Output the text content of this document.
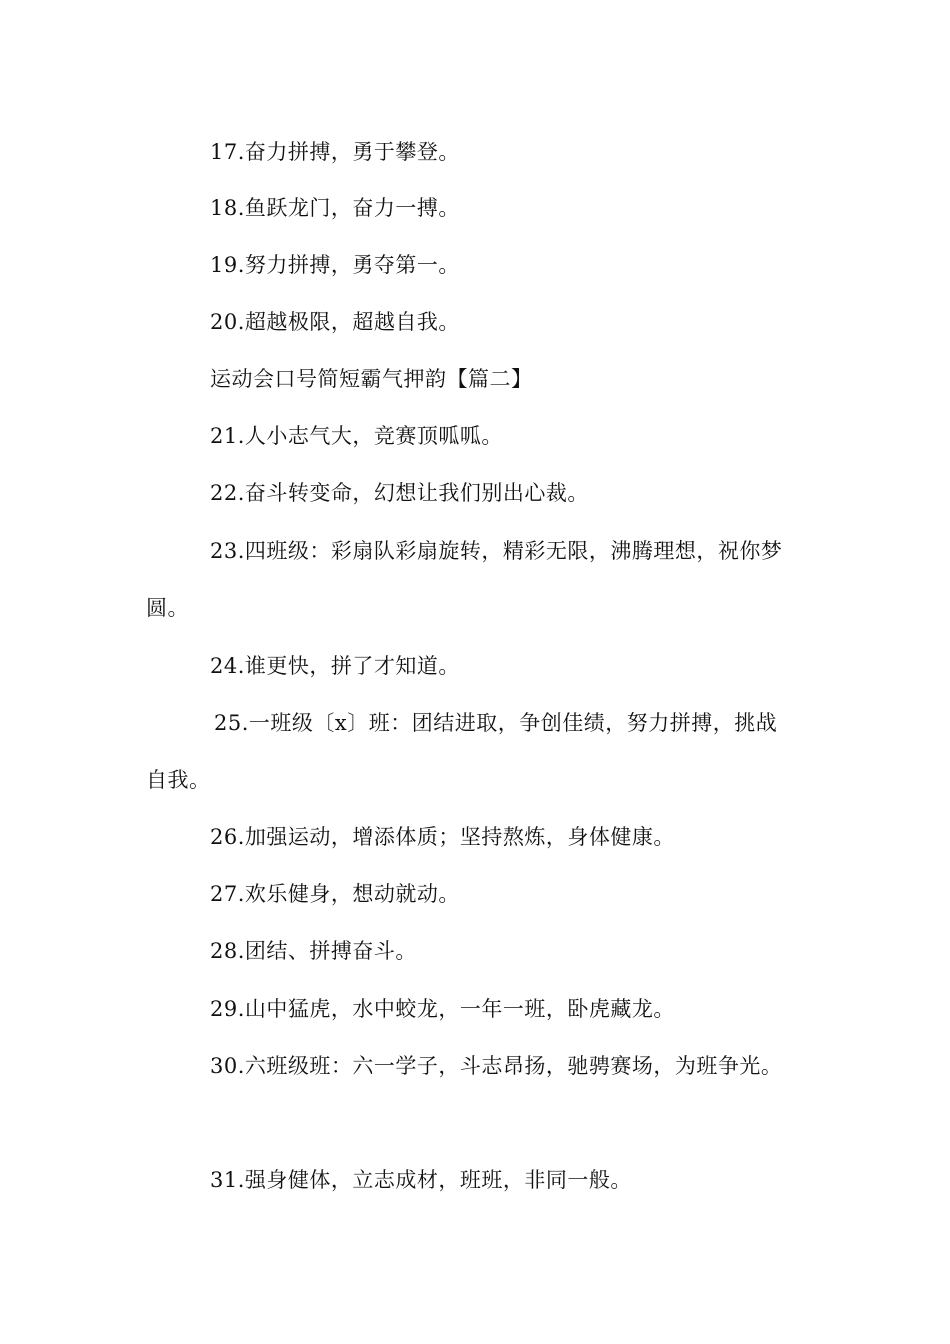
17.奋力拼搏，勇于攀登。
18.鱼跃龙门，奋力一搏。
19.努力拼搏，勇夺第一。
20.超越极限，超越自我。
运动会口号简短霸气押韵【篇二】
21.人小志气大，竞赛顶呱呱。
22.奋斗转变命，幻想让我们别出心裁。
23.四班级：彩扇队彩扇旋转，精彩无限，沸腾理想，祝你梦
圆。
24.谁更快，拼了才知道。
25.一班级〔x〕班：团结进取，争创佳绩，努力拼搏，挑战
自我。
26.加强运动，增添体质；坚持熬炼，身体健康。
27.欢乐健身，想动就动。
28.团结、拼搏奋斗。
29.山中猛虎，水中蛟龙，一年一班，卧虎藏龙。
30.六班级班：六一学子，斗志昂扬，驰骋赛场，为班争光。
31.强身健体，立志成材，班班，非同一般。
